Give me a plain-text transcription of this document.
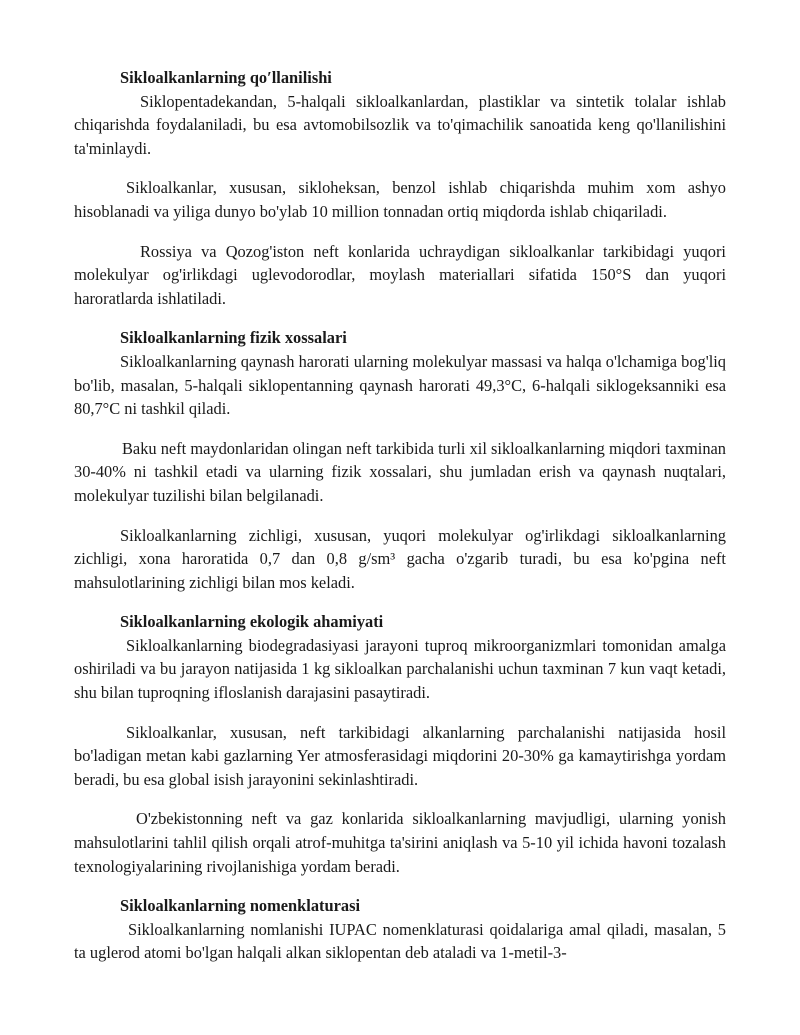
Sikloalkanlarning qo′llanilishi

Siklopentadekandan, 5-halqali sikloalkanlardan, plastiklar va sintetik tolalar ishlab chiqarishda foydalaniladi, bu esa avtomobilsozlik va to'qimachilik sanoatida keng qo'llanilishini ta'minlaydi.

Sikloalkanlar, xususan, sikloheksan, benzol ishlab chiqarishda muhim xom ashyo hisoblanadi va yiliga dunyo bo'ylab 10 million tonnadan ortiq miqdorda ishlab chiqariladi.

Rossiya va Qozog'iston neft konlarida uchraydigan sikloalkanlar tarkibidagi yuqori molekulyar og'irlikdagi uglevodorodlar, moylash materiallari sifatida 150°S dan yuqori haroratlarda ishlatiladi.

Sikloalkanlarning fizik xossalari

Sikloalkanlarning qaynash harorati ularning molekulyar massasi va halqa o'lchamiga bog'liq bo'lib, masalan, 5-halqali siklopentanning qaynash harorati 49,3°C, 6-halqali siklogeksanniki esa 80,7°C ni tashkil qiladi.

Baku neft maydonlaridan olingan neft tarkibida turli xil sikloalkanlarning miqdori taxminan 30-40% ni tashkil etadi va ularning fizik xossalari, shu jumladan erish va qaynash nuqtalari, molekulyar tuzilishi bilan belgilanadi.

Sikloalkanlarning zichligi, xususan, yuqori molekulyar og'irlikdagi sikloalkanlarning zichligi, xona haroratida 0,7 dan 0,8 g/sm³ gacha o'zgarib turadi, bu esa ko'pgina neft mahsulotlarining zichligi bilan mos keladi.

Sikloalkanlarning ekologik ahamiyati

Sikloalkanlarning biodegradasiyasi jarayoni tuproq mikroorganizmlari tomonidan amalga oshiriladi va bu jarayon natijasida 1 kg sikloalkan parchalanishi uchun taxminan 7 kun vaqt ketadi, shu bilan tuproqning ifloslanish darajasini pasaytiradi.

Sikloalkanlar, xususan, neft tarkibidagi alkanlarning parchalanishi natijasida hosil bo'ladigan metan kabi gazlarning Yer atmosferasidagi miqdorini 20-30% ga kamaytirishga yordam beradi, bu esa global isish jarayonini sekinlashtiradi.

O'zbekistonning neft va gaz konlarida sikloalkanlarning mavjudligi, ularning yonish mahsulotlarini tahlil qilish orqali atrof-muhitga ta'sirini aniqlash va 5-10 yil ichida havoni tozalash texnologiyalarining rivojlanishiga yordam beradi.

Sikloalkanlarning nomenklaturasi

Sikloalkanlarning nomlanishi IUPAC nomenklaturasi qoidalariga amal qiladi, masalan, 5 ta uglerod atomi bo'lgan halqali alkan siklopentan deb ataladi va 1-metil-3-
